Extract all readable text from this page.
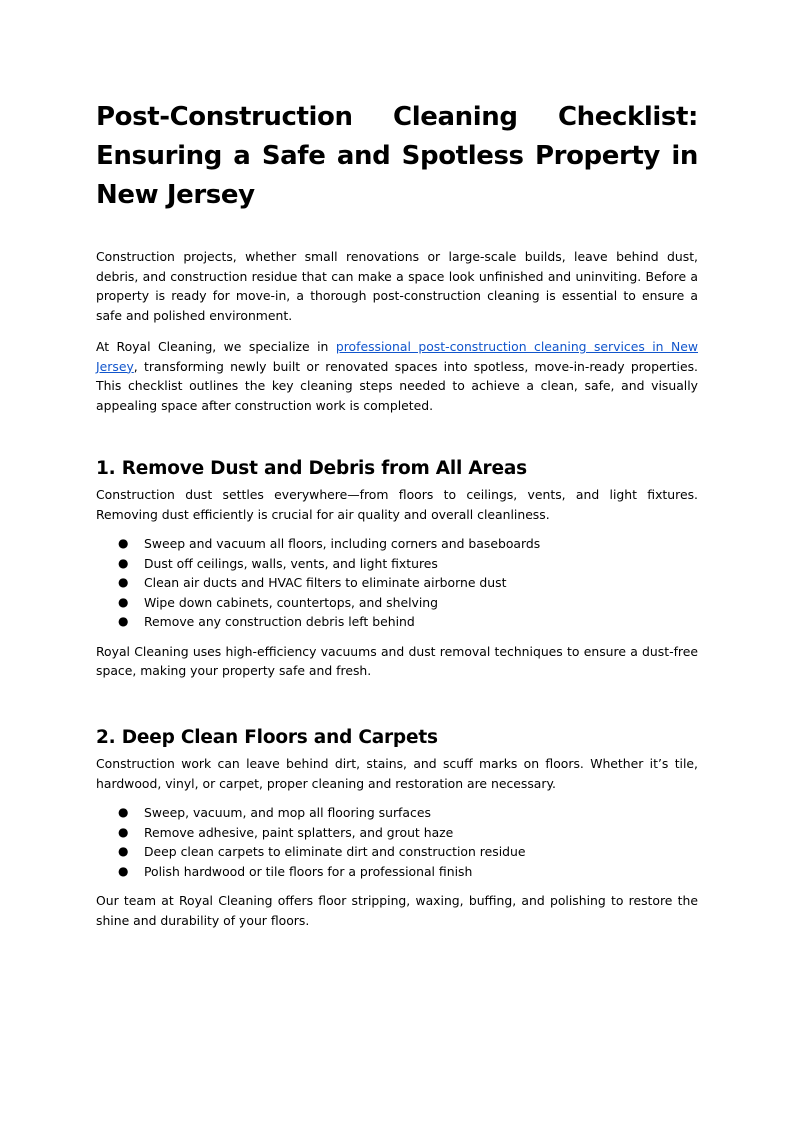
Post-Construction Cleaning Checklist: Ensuring a Safe and Spotless Property in New Jersey

Construction projects, whether small renovations or large-scale builds, leave behind dust, debris, and construction residue that can make a space look unfinished and uninviting. Before a property is ready for move-in, a thorough post-construction cleaning is essential to ensure a safe and polished environment.

At Royal Cleaning, we specialize in professional post-construction cleaning services in New Jersey, transforming newly built or renovated spaces into spotless, move-in-ready properties. This checklist outlines the key cleaning steps needed to achieve a clean, safe, and visually appealing space after construction work is completed.

1. Remove Dust and Debris from All Areas

Construction dust settles everywhere—from floors to ceilings, vents, and light fixtures. Removing dust efficiently is crucial for air quality and overall cleanliness.

● Sweep and vacuum all floors, including corners and baseboards
● Dust off ceilings, walls, vents, and light fixtures
● Clean air ducts and HVAC filters to eliminate airborne dust
● Wipe down cabinets, countertops, and shelving
● Remove any construction debris left behind

Royal Cleaning uses high-efficiency vacuums and dust removal techniques to ensure a dust-free space, making your property safe and fresh.

2. Deep Clean Floors and Carpets

Construction work can leave behind dirt, stains, and scuff marks on floors. Whether it’s tile, hardwood, vinyl, or carpet, proper cleaning and restoration are necessary.

● Sweep, vacuum, and mop all flooring surfaces
● Remove adhesive, paint splatters, and grout haze
● Deep clean carpets to eliminate dirt and construction residue
● Polish hardwood or tile floors for a professional finish

Our team at Royal Cleaning offers floor stripping, waxing, buffing, and polishing to restore the shine and durability of your floors.
